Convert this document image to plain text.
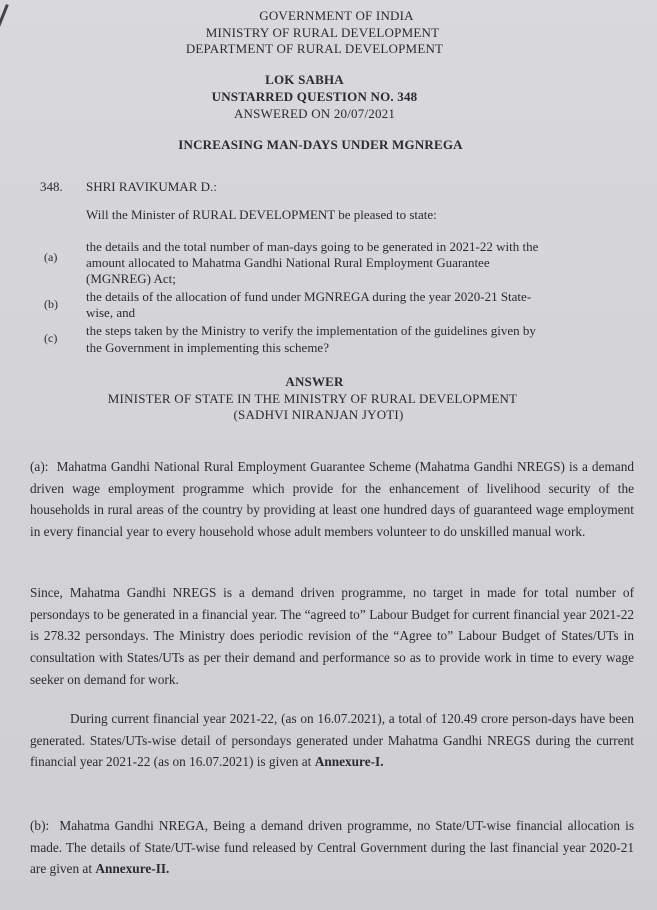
GOVERNMENT OF INDIA
MINISTRY OF RURAL DEVELOPMENT
DEPARTMENT OF RURAL DEVELOPMENT
LOK SABHA
UNSTARRED QUESTION NO. 348
ANSWERED ON 20/07/2021
INCREASING MAN-DAYS UNDER MGNREGA
348. SHRI RAVIKUMAR D.:
Will the Minister of RURAL DEVELOPMENT be pleased to state:
(a)
the details and the total number of man-days going to be generated in 2021-22 with the
amount allocated to Mahatma Gandhi National Rural Employment Guarantee
(MGNREG) Act;
(b) the details of the allocation of fund under MGNREGA during the year 2020-21 State-
wise, and
(c) the steps taken by the Ministry to verify the implementation of the guidelines given by
the Government in implementing this scheme?
ANSWER
MINISTER OF STATE IN THE MINISTRY OF RURAL DEVELOPMENT
(SADHVI NIRANJAN JYOTI)
(a): Mahatma Gandhi National Rural Employment Guarantee Scheme (Mahatma Gandhi NREGS) is a demand driven wage employment programme which provide for the enhancement of livelihood security of the households in rural areas of the country by providing at least one hundred days of guaranteed wage employment in every financial year to every household whose adult members volunteer to do unskilled manual work.
Since, Mahatma Gandhi NREGS is a demand driven programme, no target in made for total number of persondays to be generated in a financial year. The “agreed to” Labour Budget for current financial year 2021-22 is 278.32 persondays. The Ministry does periodic revision of the “Agree to” Labour Budget of States/UTs in consultation with States/UTs as per their demand and performance so as to provide work in time to every wage seeker on demand for work.
During current financial year 2021-22, (as on 16.07.2021), a total of 120.49 crore person-days have been generated. States/UTs-wise detail of persondays generated under Mahatma Gandhi NREGS during the current financial year 2021-22 (as on 16.07.2021) is given at Annexure-I.
(b): Mahatma Gandhi NREGA, Being a demand driven programme, no State/UT-wise financial allocation is made. The details of State/UT-wise fund released by Central Government during the last financial year 2020-21 are given at Annexure-II.
